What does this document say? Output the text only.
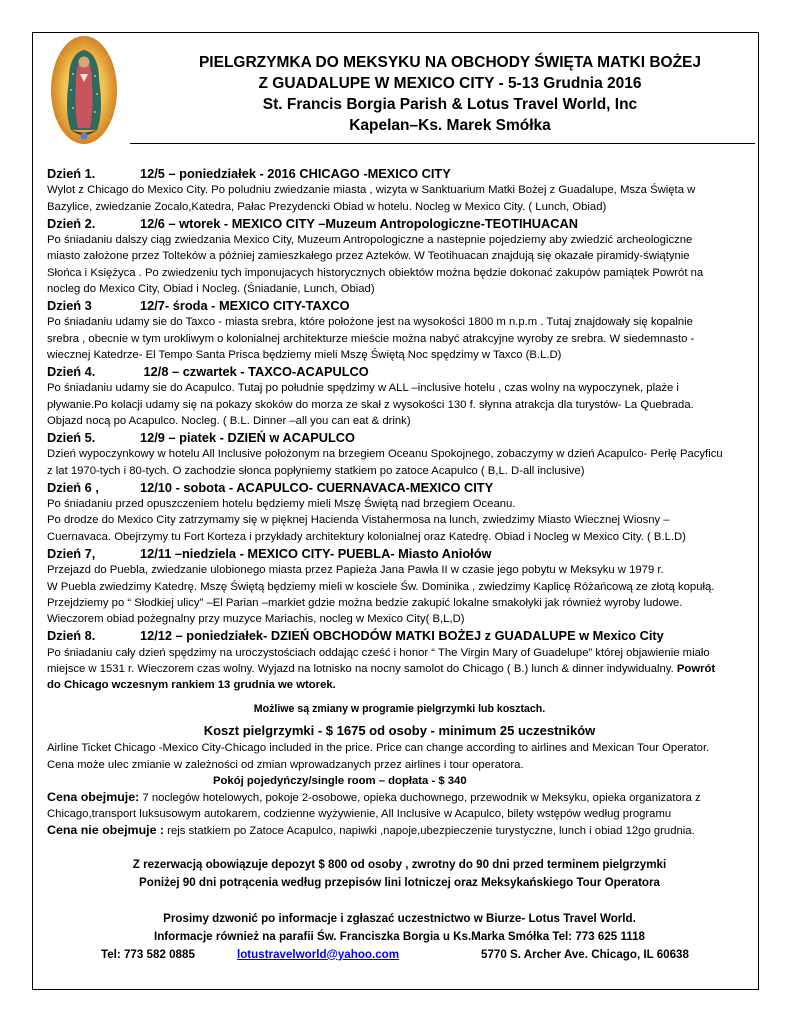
PIELGRZYMKA DO MEKSYKU NA OBCHODY ŚWIĘTA MATKI BOŻEJ
Z GUADALUPE W MEXICO CITY - 5-13 Grudnia 2016
St. Francis Borgia Parish & Lotus Travel World, Inc
Kapelan–Ks. Marek Smółka
Dzień 1.	12/5 – poniedziałek - 2016 CHICAGO -MEXICO CITY
Wylot z Chicago do Mexico City. Po poludniu zwiedzanie miasta , wizyta w Sanktuarium Matki Bożej z Guadalupe, Msza Święta w
Bazylice, zwiedzanie Zocalo,Katedra, Pałac Prezydencki Obiad w hotelu. Nocleg w Mexico City. ( Lunch, Obiad)
Dzień 2.	12/6 – wtorek - MEXICO CITY –Muzeum Antropologiczne-TEOTIHUACAN
Po śniadaniu dalszy ciąg zwiedzania Mexico City, Muzeum Antropologiczne a nastepnie pojedziemy aby zwiedzić archeologiczne
miasto założone przez Tolteków a później zamieszkałego przez Azteków. W Teotihuacan znajdują się okazałe piramidy-świątynie
Słońca i Księżyca . Po zwiedzeniu tych imponujacych historycznych obiektów można będzie dokonać zakupów pamiątek Powrót na
nocleg do Mexico City, Obiad i Nocleg. (Śniadanie, Lunch, Obiad)
Dzień 3	12/7- środa - MEXICO CITY-TAXCO
Po śniadaniu udamy sie do Taxco - miasta srebra, które położone jest na wysokości 1800 m n.p.m . Tutaj znajdowały się kopalnie
srebra , obecnie w tym urokliwym o kolonialnej architekturze mieście można nabyć atrakcyjne wyroby ze srebra. W siedemnasto -
wiecznej Katedrze- El Tempo Santa Prisca będziemy mieli Mszę Świętą Noc spędzimy w Taxco (B.L.D)
Dzień 4.	12/8 – czwartek - TAXCO-ACAPULCO
Po śniadaniu udamy sie do Acapulco. Tutaj po południe spędzimy w ALL –inclusive hotelu , czas wolny na wypoczynek, plaże i
pływanie.Po kolacji udamy się na pokazy skoków do morza ze skał z wysokości 130 f. słynna atrakcja dla turystów- La Quebrada.
Objazd nocą po Acapulco. Nocleg. ( B.L. Dinner –all you can eat & drink)
Dzień 5.	12/9 – piatek - DZIEŃ w ACAPULCO
Dzień wypoczynkowy w hotelu All Inclusive położonym na brzegiem Oceanu Spokojnego, zobaczymy w dzień Acapulco- Perłę Pacyficu
z lat 1970-tych i 80-tych. O zachodzie słonca popłyniemy statkiem po zatoce Acapulco ( B,L. D-all inclusive)
Dzień 6 ,	12/10 - sobota - ACAPULCO- CUERNAVACA-MEXICO CITY
Po śniadaniu przed opuszczeniem hotelu będziemy mieli Mszę Świętą nad brzegiem Oceanu.
Po drodze do Mexico City zatrzymamy się w pięknej Hacienda Vistahermosa na lunch, zwiedzimy Miasto Wiecznej Wiosny –
Cuernavaca. Obejrzymy tu Fort Korteza i przykłady architektury kolonialnej oraz Katedrę. Obiad i Nocleg w Mexico City. ( B.L.D)
Dzień 7,	12/11 –niedziela - MEXICO CITY- PUEBLA- Miasto Aniołów
Przejazd do Puebla, zwiedzanie ulobionego miasta przez Papieża Jana Pawła II w czasie jego pobytu w Meksyku w 1979 r.
W Puebla zwiedzimy Katedrę. Mszę Świętą będziemy mieli w kosciele Św. Dominika , zwiedzimy Kaplicę Różańcową ze złotą kopułą.
Przejdziemy po “ Słodkiej ulicy” –El Parian –markiet gdzie można bedzie zakupić lokalne smakołyki jak również wyroby ludowe.
Wieczorem obiad pożegnalny przy muzyce Mariachis, nocleg w Mexico City( B,L,D)
Dzień 8.	12/12 – poniedziałek- DZIEŃ OBCHODÓW MATKI BOŻEJ z GUADALUPE w Mexico City
Po śniadaniu cały dzień spędzimy na uroczystościach oddając cześć i honor “ The Virgin Mary of Guadelupe” której objawienie miało
miejsce w 1531 r. Wieczorem czas wolny. Wyjazd na lotnisko na nocny samolot do Chicago ( B.) lunch & dinner indywidualny. Powrót
do Chicago wczesnym rankiem 13 grudnia we wtorek.
Możliwe są zmiany w programie pielgrzymki lub kosztach.
Koszt pielgrzymki - $ 1675 od osoby - minimum 25 uczestników
Airline Ticket Chicago -Mexico City-Chicago included in the price. Price can change according to airlines and Mexican Tour Operator.
Cena może ulec zmianie w zależności od zmian wprowadzanych przez airlines i tour operatora.
Pokój pojedyńczy/single room – dopłata - $ 340
Cena obejmuje: 7 noclegów hotelowych, pokoje 2-osobowe, opieka duchownego, przewodnik w Meksyku, opieka organizatora z
Chicago,transport luksusowym autokarem, codzienne wyżywienie, All Inclusive w Acapulco, bilety wstępów według programu
Cena nie obejmuje : rejs statkiem po Zatoce Acapulco, napiwki ,napoje,ubezpieczenie turystyczne, lunch i obiad 12go grudnia.
Z rezerwacją obowiązuje depozyt $ 800 od osoby , zwrotny do 90 dni przed terminem pielgrzymki
Poniżej 90 dni potrącenia według przepisów lini lotniczej oraz Meksykańskiego Tour Operatora
Prosimy dzwonić po informacje i zgłaszać uczestnictwo w Biurze- Lotus Travel World.
Informacje również na parafii Św. Franciszka Borgia u Ks.Marka Smółka Tel: 773 625 1118
Tel: 773 582 0885	lotustravelworld@yahoo.com	5770 S. Archer Ave. Chicago, IL 60638
